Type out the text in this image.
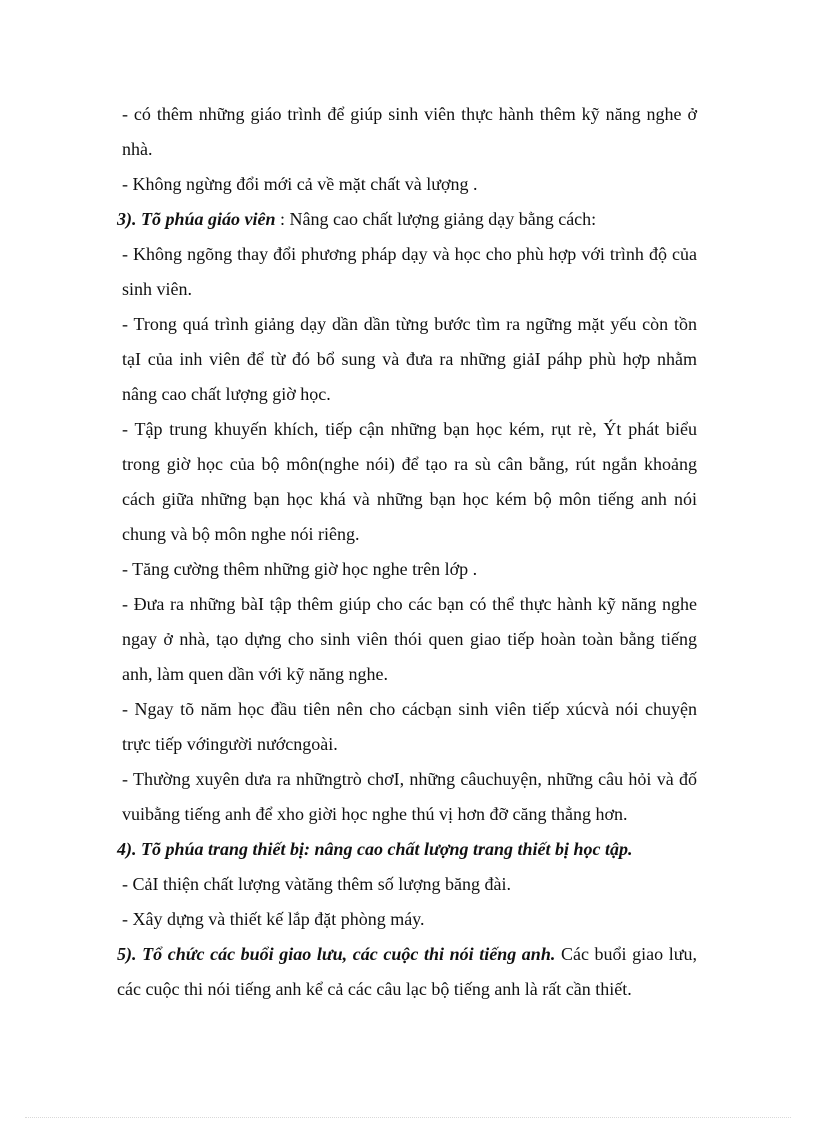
- có thêm những giáo trình để giúp sinh viên thực hành thêm kỹ năng nghe ở nhà.

- Không ngừng đổi mới cả về mặt chất và lượng .

3). Tõ phúa giáo viên : Nâng cao chất lượng giảng dạy bằng cách:

- Không ngõng thay đổi phương pháp dạy và học cho phù hợp với trình độ của sinh viên.

- Trong quá trình giảng dạy dần dần từng bước tìm ra ngững mặt yếu còn tồn tạI của inh viên để từ đó bổ sung và đưa ra những giảI páhp phù hợp nhằm nâng cao chất lượng giờ học.

- Tập trung khuyến khích, tiếp cận những bạn học kém, rụt rè, Ýt phát biểu trong giờ học của bộ môn(nghe nói) để tạo ra sù cân bằng, rút ngắn khoảng cách giữa những bạn học khá và những bạn học kém bộ môn tiếng anh nói chung và bộ môn nghe nói riêng.

- Tăng cường thêm những giờ học nghe trên lớp .

- Đưa ra những bàI tập thêm giúp cho các bạn có thể thực hành kỹ năng nghe ngay ở nhà, tạo dựng cho sinh viên thói quen giao tiếp hoàn toàn bằng tiếng anh, làm quen dần với kỹ năng nghe.

- Ngay tõ năm học đầu tiên nên cho cácbạn sinh viên tiếp xúcvà nói chuyện trực tiếp vớingười nướcngoài.

- Thường xuyên dưa ra nhữngtrò chơI, những câuchuyện, những câu hỏi và đố vuibằng tiếng anh để xho giời học nghe thú vị hơn đỡ căng thẳng hơn.

4). Tõ phúa trang thiết bị: nâng cao chất lượng trang thiết bị học tập.

- CảI thiện chất lượng vàtăng thêm số lượng băng đài.

- Xây dựng và thiết kế lắp đặt phòng máy.

5). Tổ chức các buổi giao lưu, các cuộc thi nói tiếng anh. Các buổi giao lưu, các cuộc thi nói tiếng anh kể cả các câu lạc bộ tiếng anh là rất cần thiết.
